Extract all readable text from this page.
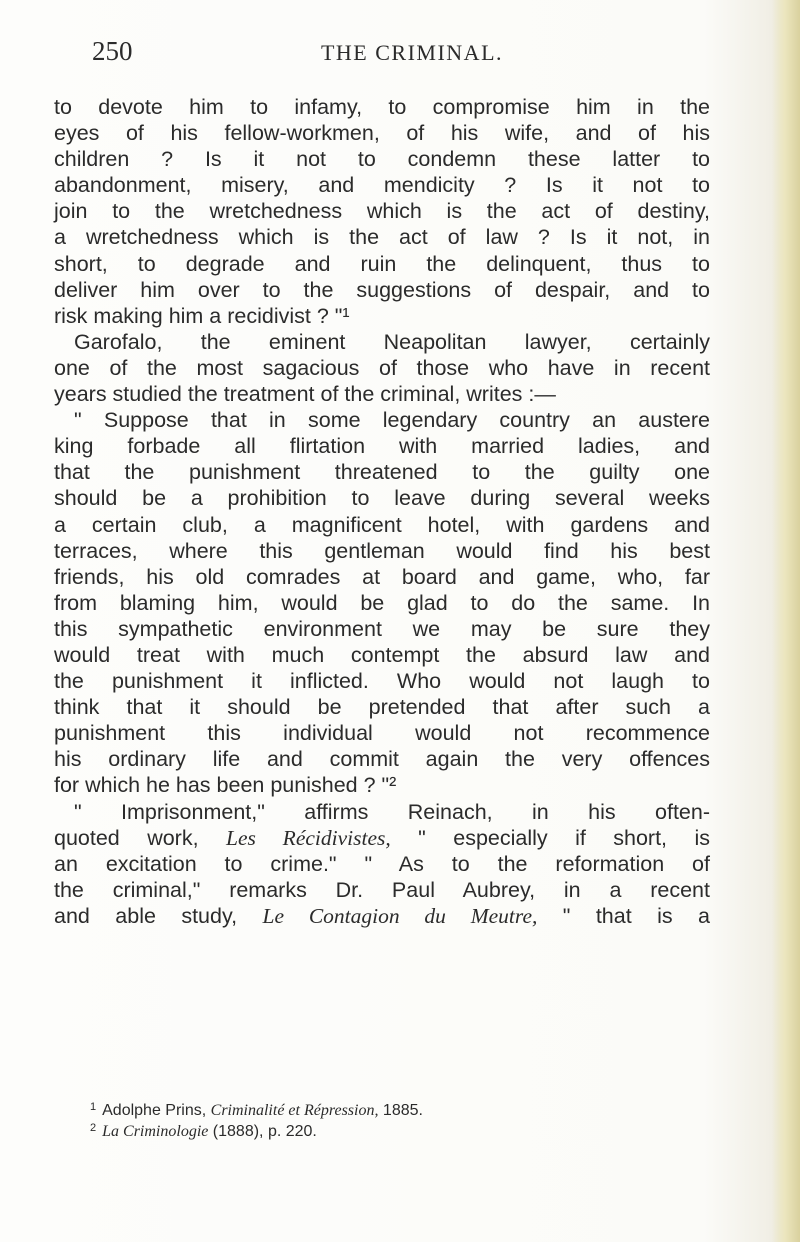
250	THE CRIMINAL.
to devote him to infamy, to compromise him in the
eyes of his fellow-workmen, of his wife, and of his
children ? Is it not to condemn these latter to
abandonment, misery, and mendicity ? Is it not to
join to the wretchedness which is the act of destiny,
a wretchedness which is the act of law ? Is it not, in
short, to degrade and ruin the delinquent, thus to
deliver him over to the suggestions of despair, and to
risk making him a recidivist ? "¹
Garofalo, the eminent Neapolitan lawyer, certainly
one of the most sagacious of those who have in recent
years studied the treatment of the criminal, writes :—
" Suppose that in some legendary country an austere
king forbade all flirtation with married ladies, and
that the punishment threatened to the guilty one
should be a prohibition to leave during several weeks
a certain club, a magnificent hotel, with gardens and
terraces, where this gentleman would find his best
friends, his old comrades at board and game, who, far
from blaming him, would be glad to do the same. In
this sympathetic environment we may be sure they
would treat with much contempt the absurd law and
the punishment it inflicted. Who would not laugh to
think that it should be pretended that after such a
punishment this individual would not recommence
his ordinary life and commit again the very offences
for which he has been punished ? "²
" Imprisonment," affirms Reinach, in his often-
quoted work, Les Récidivistes, " especially if short, is
an excitation to crime." " As to the reformation of
the criminal," remarks Dr. Paul Aubrey, in a recent
and able study, Le Contagion du Meutre, " that is a
$^1$ Adolphe Prins, Criminalité et Répression, 1885.
$^2$ La Criminologie (1888), p. 220.
